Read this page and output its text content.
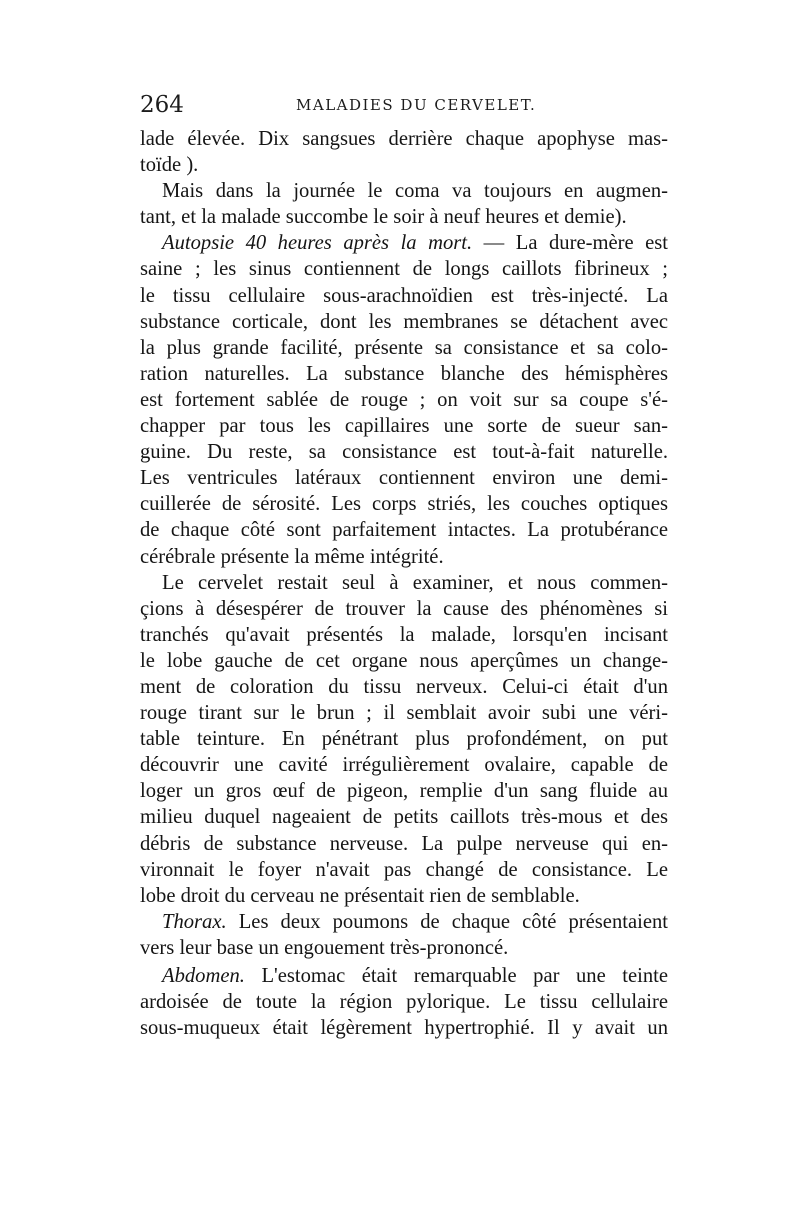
264	MALADIES DU CERVELET.
lade élevée. Dix sangsues derrière chaque apophyse mas-
toïde ).
Mais dans la journée le coma va toujours en augmen-
tant, et la malade succombe le soir à neuf heures et demie).
Autopsie 40 heures après la mort. — La dure-mère est
saine ; les sinus contiennent de longs caillots fibrineux ;
le tissu cellulaire sous-arachnoïdien est très-injecté. La
substance corticale, dont les membranes se détachent avec
la plus grande facilité, présente sa consistance et sa colo-
ration naturelles. La substance blanche des hémisphères
est fortement sablée de rouge ; on voit sur sa coupe s'é-
chapper par tous les capillaires une sorte de sueur san-
guine. Du reste, sa consistance est tout-à-fait naturelle.
Les ventricules latéraux contiennent environ une demi-
cuillerée de sérosité. Les corps striés, les couches optiques
de chaque côté sont parfaitement intactes. La protubérance
cérébrale présente la même intégrité.
Le cervelet restait seul à examiner, et nous commen-
çions à désespérer de trouver la cause des phénomènes si
tranchés qu'avait présentés la malade, lorsqu'en incisant
le lobe gauche de cet organe nous aperçûmes un change-
ment de coloration du tissu nerveux. Celui-ci était d'un
rouge tirant sur le brun ; il semblait avoir subi une véri-
table teinture. En pénétrant plus profondément, on put
découvrir une cavité irrégulièrement ovalaire, capable de
loger un gros œuf de pigeon, remplie d'un sang fluide au
milieu duquel nageaient de petits caillots très-mous et des
débris de substance nerveuse. La pulpe nerveuse qui en-
vironnait le foyer n'avait pas changé de consistance. Le
lobe droit du cerveau ne présentait rien de semblable.
Thorax. Les deux poumons de chaque côté présentaient
vers leur base un engouement très-prononcé.
Abdomen. L'estomac était remarquable par une teinte
ardoisée de toute la région pylorique. Le tissu cellulaire
sous-muqueux était légèrement hypertrophié. Il y avait un
